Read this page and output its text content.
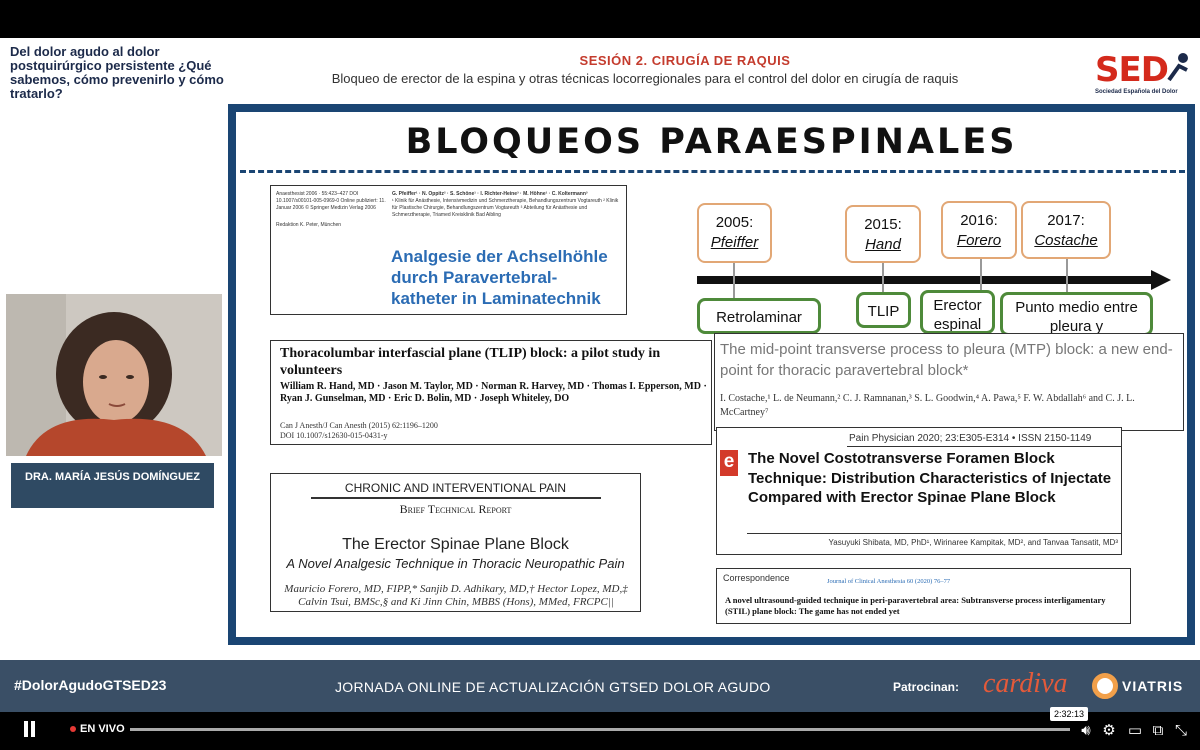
Del dolor agudo al dolor postquirúrgico persistente ¿Qué sabemos, cómo prevenirlo y cómo tratarlo?
SESIÓN 2. CIRUGÍA DE RAQUIS
Bloqueo de erector de la espina y otras técnicas locorregionales para el control del dolor en cirugía de raquis	SED
Sociedad Española del Dolor
DRA. MARÍA JESÚS DOMÍNGUEZ
BLOQUEOS PARAESPINALES
Anaesthesist 2006 · 55:423–427 DOI 10.1007/s00101-005-0969-0 Online publiziert: 11. Januar 2006 © Springer Medizin Verlag 2006
Redaktion K. Peter, München
G. Pfeiffer¹ · N. Oppitz² · S. Schöne¹ · I. Richter-Heine³ · M. Höhne¹ · C. Koltermann³
¹ Klinik für Anästhesie, Intensivmedizin und Schmerztherapie, Behandlungszentrum Vogtareuth ² Klinik für Plastische Chirurgie, Behandlungszentrum Vogtareuth ³ Abteilung für Anästhesie und Schmerztherapie, Triamed Kreisklinik Bad Aibling
Analgesie der Achselhöhle durch Paravertebral-katheter in Laminatechnik
Thoracolumbar interfascial plane (TLIP) block: a pilot study in volunteers
William R. Hand, MD · Jason M. Taylor, MD · Norman R. Harvey, MD · Thomas I. Epperson, MD · Ryan J. Gunselman, MD · Eric D. Bolin, MD · Joseph Whiteley, DO
Can J Anesth/J Can Anesth (2015) 62:1196–1200
DOI 10.1007/s12630-015-0431-y
CHRONIC AND INTERVENTIONAL PAIN
Brief Technical Report
The Erector Spinae Plane Block
A Novel Analgesic Technique in Thoracic Neuropathic Pain
Mauricio Forero, MD, FIPP,* Sanjib D. Adhikary, MD,† Hector Lopez, MD,‡ Calvin Tsui, BMSc,§ and Ki Jinn Chin, MBBS (Hons), MMed, FRCPC||
2005:
Pfeiffer
2015:
Hand
2016:
Forero
2017:
Costache
Retrolaminar	TLIP	Erector espinal
Punto medio entre pleura y
The mid-point transverse process to pleura (MTP) block: a new end-point for thoracic paravertebral block*
I. Costache,¹ L. de Neumann,² C. J. Ramnanan,³ S. L. Goodwin,⁴ A. Pawa,⁵ F. W. Abdallah⁶ and C. J. L. McCartney⁷
Pain Physician 2020; 23:E305-E314 • ISSN 2150-1149
e The Novel Costotransverse Foramen Block Technique: Distribution Characteristics of Injectate Compared with Erector Spinae Plane Block
Yasuyuki Shibata, MD, PhD¹, Wirinaree Kampitak, MD², and Tanvaa Tansatit, MD³
Correspondence	Journal of Clinical Anesthesia 60 (2020) 76–77
A novel ultrasound-guided technique in peri-paravertebral area: Subtransverse process interligamentary (STIL) plane block: The game has not ended yet
#DolorAgudoGTSED23	JORNADA ONLINE DE ACTUALIZACIÓN GTSED DOLOR AGUDO	Patrocinan: cardiva	VIATRIS
EN VIVO
2:32:13
🔊︎ ⚙ ▭ ⧉ ⤡
